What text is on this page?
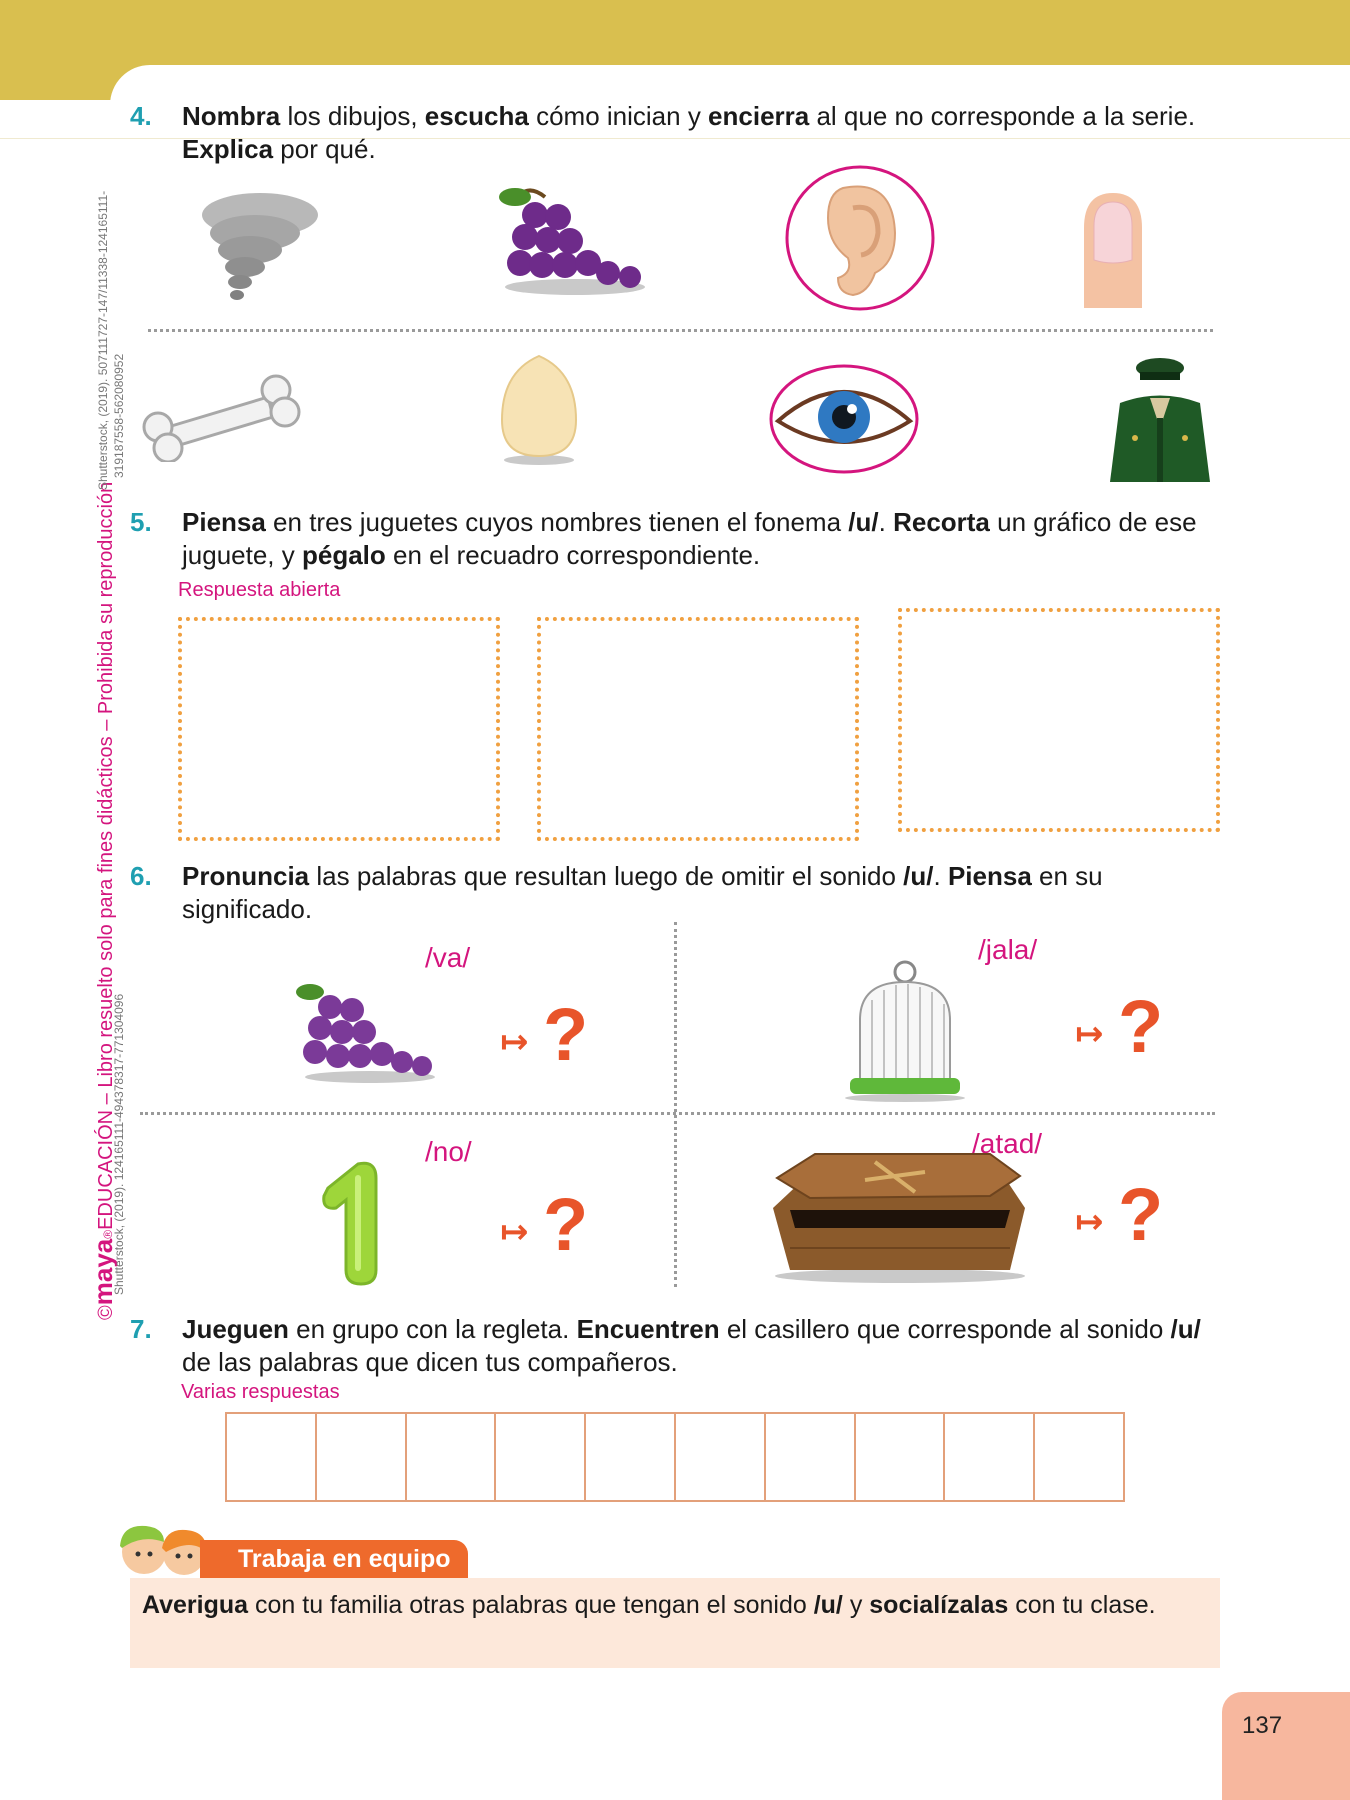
©maya®EDUCACIÓN – Libro resuelto solo para fines didácticos – Prohibida su reproducción
Shutterstock, (2019). 507111727-147/11338-124165111- 319187558-562080952
Shutterstock, (2019). 124165111-494378317-771304096
4. Nombra los dibujos, escucha cómo inician y encierra al que no corresponde a la serie. Explica por qué.
5. Piensa en tres juguetes cuyos nombres tienen el fonema /u/. Recorta un gráfico de ese juguete, y pégalo en el recuadro correspondiente.
Respuesta abierta
6. Pronuncia las palabras que resultan luego de omitir el sonido /u/. Piensa en su significado.
/va/
↦ ?
/jala/
↦ ?
/no/
↦ ?
/atad/
↦ ?
7. Jueguen en grupo con la regleta. Encuentren el casillero que corresponde al sonido /u/ de las palabras que dicen tus compañeros.
Varias respuestas
Trabaja en equipo
Averigua con tu familia otras palabras que tengan el sonido /u/ y socialízalas con tu clase.
137
